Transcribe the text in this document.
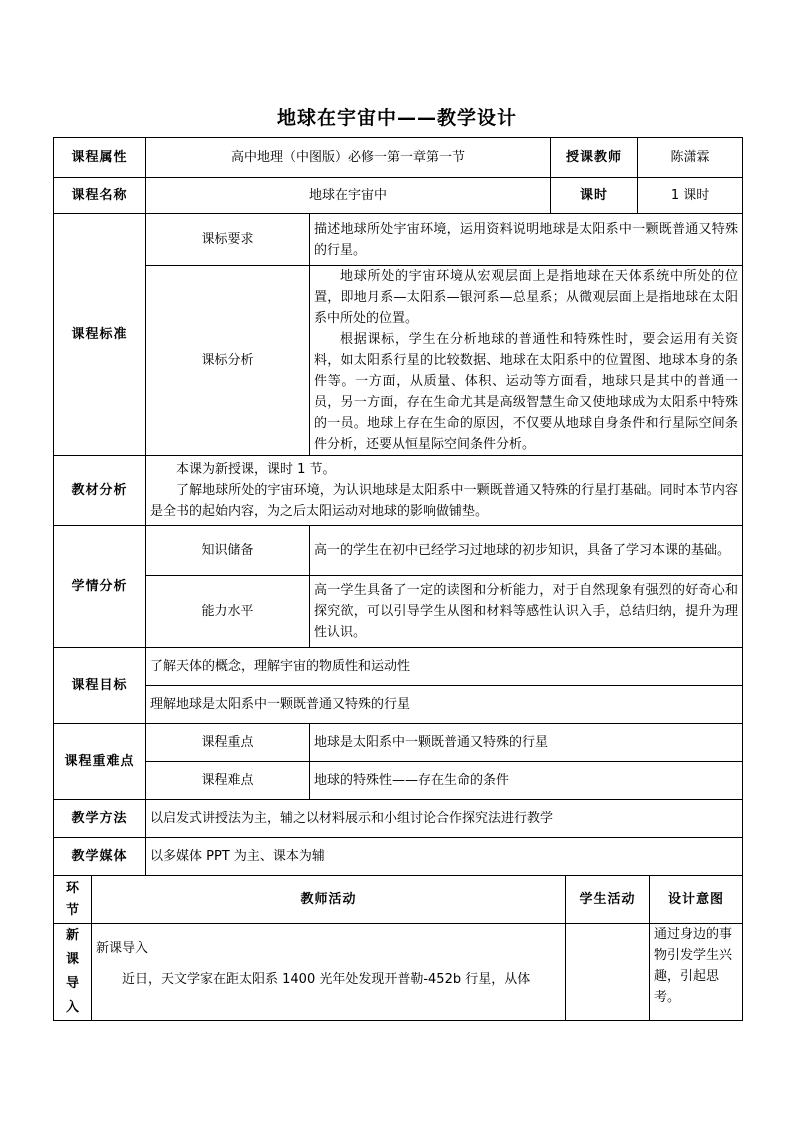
地球在宇宙中——教学设计
课程属性	高中地理（中图版）必修一第一章第一节		授课教师	陈潇霖
课程名称	地球在宇宙中		课时	1 课时
课程标准	课标要求	描述地球所处宇宙环境，运用资料说明地球是太阳系中一颗既普通又特殊的行星。		
	课标分析	地球所处的宇宙环境从宏观层面上是指地球在天体系统中所处的位置，即地月系—太阳系—银河系—总星系；从微观层面上是指地球在太阳系中所处的位置。

根据课标，学生在分析地球的普通性和特殊性时，要会运用有关资料，如太阳系行星的比较数据、地球在太阳系中的位置图、地球本身的条件等。一方面，从质量、体积、运动等方面看，地球只是其中的普通一员，另一方面，存在生命尤其是高级智慧生命又使地球成为太阳系中特殊的一员。地球上存在生命的原因，不仅要从地球自身条件和行星际空间条件分析，还要从恒星际空间条件分析。		

教材分析	本课为新授课，课时 1 节。

了解地球所处的宇宙环境，为认识地球是太阳系中一颗既普通又特殊的行星打基础。同时本节内容是全书的起始内容，为之后太阳运动对地球的影响做铺垫。			

学情分析	知识储备	高一的学生在初中已经学习过地球的初步知识，具备了学习本课的基础。		
	能力水平	高一学生具备了一定的读图和分析能力，对于自然现象有强烈的好奇心和探究欲，可以引导学生从图和材料等感性认识入手，总结归纳，提升为理性认识。		
课程目标	了解天体的概念，理解宇宙的物质性和运动性			
	理解地球是太阳系中一颗既普通又特殊的行星			
课程重难点	课程重点	地球是太阳系中一颗既普通又特殊的行星		
	课程难点	地球的特殊性——存在生命的条件		
教学方法	以启发式讲授法为主，辅之以材料展示和小组讨论合作探究法进行教学			
教学媒体	以多媒体 PPT 为主、课本为辅			
环节	教师活动	学生活动	设计意图

新课导入	新课导入

近日，天文学家在距太阳系 1400 光年处发现开普勒-452b 行星，从体		通过身边的事物引发学生兴趣，引起思考。
